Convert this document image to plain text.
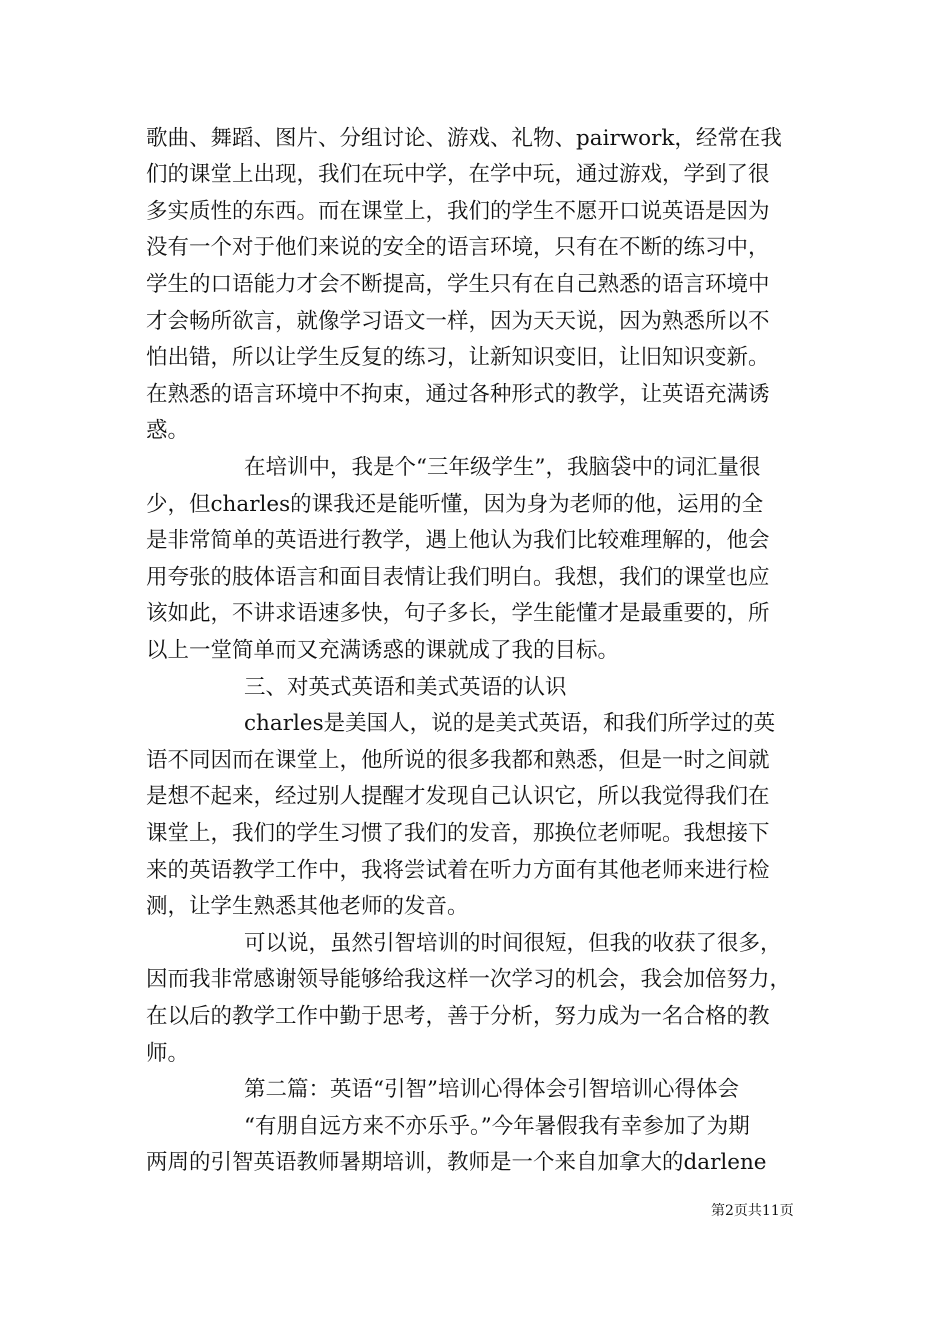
歌曲、舞蹈、图片、分组讨论、游戏、礼物、pairwork，经常在我
们的课堂上出现，我们在玩中学，在学中玩，通过游戏，学到了很
多实质性的东西。而在课堂上，我们的学生不愿开口说英语是因为
没有一个对于他们来说的安全的语言环境，只有在不断的练习中，
学生的口语能力才会不断提高，学生只有在自己熟悉的语言环境中
才会畅所欲言，就像学习语文一样，因为天天说，因为熟悉所以不
怕出错，所以让学生反复的练习，让新知识变旧，让旧知识变新。
在熟悉的语言环境中不拘束，通过各种形式的教学，让英语充满诱
惑。
在培训中，我是个“三年级学生”，我脑袋中的词汇量很
少，但charles的课我还是能听懂，因为身为老师的他，运用的全
是非常简单的英语进行教学，遇上他认为我们比较难理解的，他会
用夸张的肢体语言和面目表情让我们明白。我想，我们的课堂也应
该如此，不讲求语速多快，句子多长，学生能懂才是最重要的，所
以上一堂简单而又充满诱惑的课就成了我的目标。
三、对英式英语和美式英语的认识
charles是美国人，说的是美式英语，和我们所学过的英
语不同因而在课堂上，他所说的很多我都和熟悉，但是一时之间就
是想不起来，经过别人提醒才发现自己认识它，所以我觉得我们在
课堂上，我们的学生习惯了我们的发音，那换位老师呢。我想接下
来的英语教学工作中，我将尝试着在听力方面有其他老师来进行检
测，让学生熟悉其他老师的发音。
可以说，虽然引智培训的时间很短，但我的收获了很多，
因而我非常感谢领导能够给我这样一次学习的机会，我会加倍努力，
在以后的教学工作中勤于思考，善于分析，努力成为一名合格的教
师。
第二篇：英语“引智”培训心得体会引智培训心得体会
“有朋自远方来不亦乐乎。”今年暑假我有幸参加了为期
两周的引智英语教师暑期培训，教师是一个来自加拿大的darlene
第2页共11页
